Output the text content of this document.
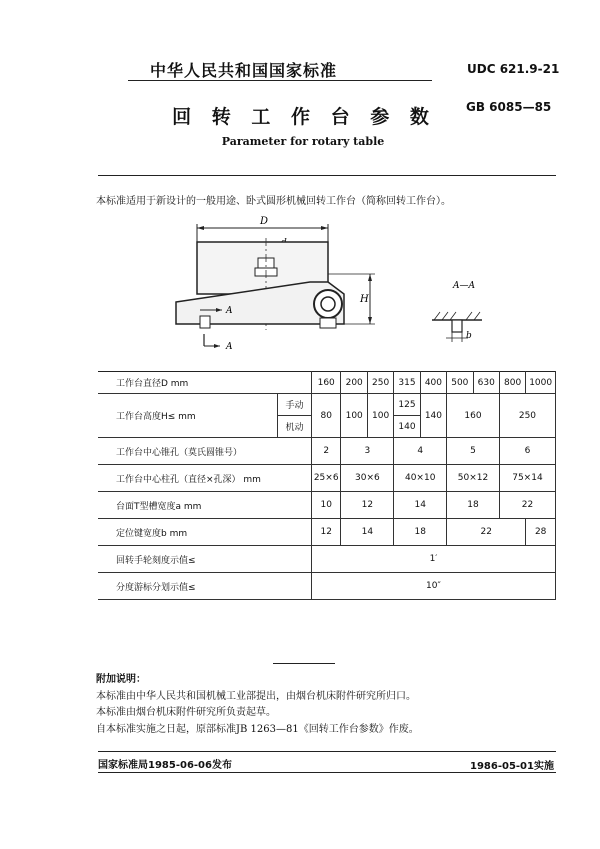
中华人民共和国国家标准	UDC 621.9-21
GB 6085—85
回 转 工 作 台 参 数
Parameter for rotary table
本标准适用于新设计的一般用途、卧式圆形机械回转工作台（简称回转工作台）。
D
H
A
A
A—A
b
工作台直径D mm		160	200	250	315	400	500	630	800	1000
工作台高度H≤ mm	手动	80	100	100	125	140	160		250	
	机动				140					
工作台中心锥孔（莫氏圆锥号）		2	3		4		5		6	
工作台中心柱孔（直径×孔深） mm		25×6	30×6		40×10		50×12		75×14	
台面T型槽宽度a mm		10	12		14		18		22	
定位键宽度b mm		12	14		18		22			28
回转手轮刻度示值≤		1′								
分度游标分划示值≤		10″								
附加说明：
本标准由中华人民共和国机械工业部提出，由烟台机床附件研究所归口。
本标准由烟台机床附件研究所负责起草。
自本标准实施之日起，原部标准JB 1263—81《回转工作台参数》作废。
国家标准局1985-06-06发布	1986-05-01实施
